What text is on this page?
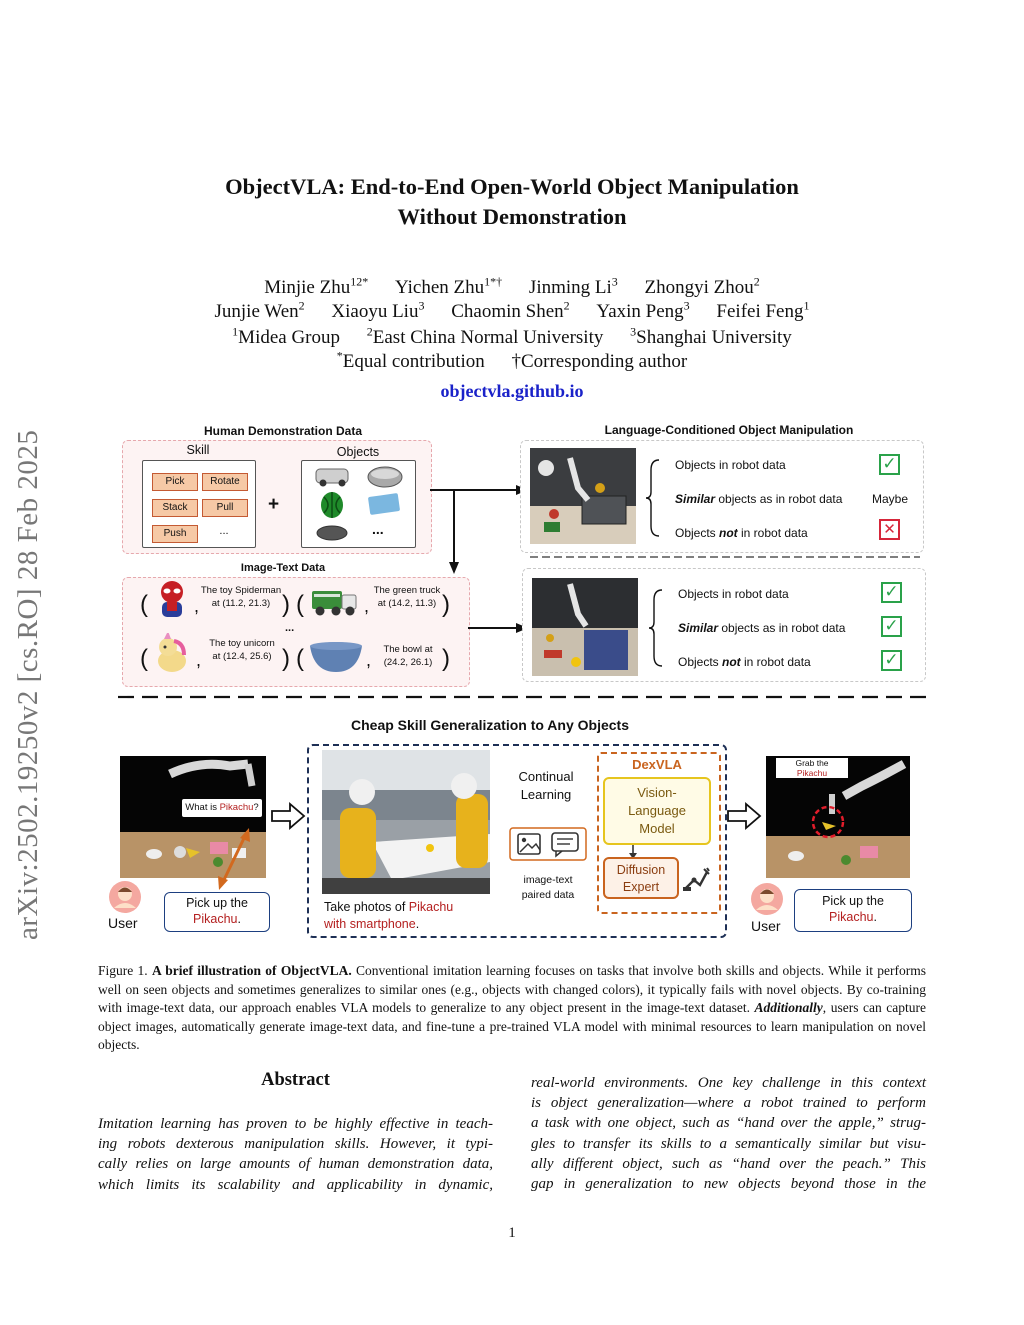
ObjectVLA: End-to-End Open-World Object Manipulation
Without Demonstration
Minjie Zhu$^{12*}$ Yichen Zhu$^{1*\dagger}$ Jinming Li$^3$ Zhongyi Zhou$^2$
Junjie Wen$^2$ Xiaoyu Liu$^3$ Chaomin Shen$^2$ Yaxin Peng$^3$ Feifei Feng$^1$
$^1$Midea Group $^2$East China Normal University $^3$Shanghai University
*Equal contribution †Corresponding author
objectvla.github.io
arXiv:2502.19250v2 [cs.RO] 28 Feb 2025	Human Demonstration Data
Skill	Objects
Pick	Rotate
Stack	Pull
Push	...
+
...
Image-Text Data
(	,
The toy Spiderman at (11.2, 21.3) ) (	,
The green truck at (14.2, 11.3) )
...
(	,
The toy unicorn at (12.4, 25.6) ) (	,
The bowl at (24.2, 26.1) )
Language-Conditioned Object Manipulation
Objects in robot data	✓
Similar objects as in robot data Maybe
Objects not in robot data	✕
Objects in robot data	✓
Similar objects as in robot data ✓
Objects not in robot data	✓
Cheap Skill Generalization to Any Objects
What is Pikachu?
User
Pick up the
Pikachu.
Take photos of Pikachu
with smartphone.
Continual Learning
image-text paired data
DexVLA
Vision-Language Model
Diffusion Expert
Grab the
Pikachu
User
Pick up the
Pikachu.
Figure 1. A brief illustration of ObjectVLA. Conventional imitation learning focuses on tasks that involve both skills and objects. While it performs well on seen objects and sometimes generalizes to similar ones (e.g., objects with changed colors), it typically fails with novel objects. By co-training with image-text data, our approach enables VLA models to generalize to any object present in the image-text dataset. Additionally, users can capture object images, automatically generate image-text data, and fine-tune a pre-trained VLA model with minimal resources to learn manipulation on novel objects.
Abstract
Imitation learning has proven to be highly effective in teach-
ing robots dexterous manipulation skills. However, it typi-
cally relies on large amounts of human demonstration data,
which limits its scalability and applicability in dynamic,
real-world environments. One key challenge in this context
is object generalization—where a robot trained to perform
a task with one object, such as “hand over the apple,” strug-
gles to transfer its skills to a semantically similar but visu-
ally different object, such as “hand over the peach.” This
gap in generalization to new objects beyond those in the
1
